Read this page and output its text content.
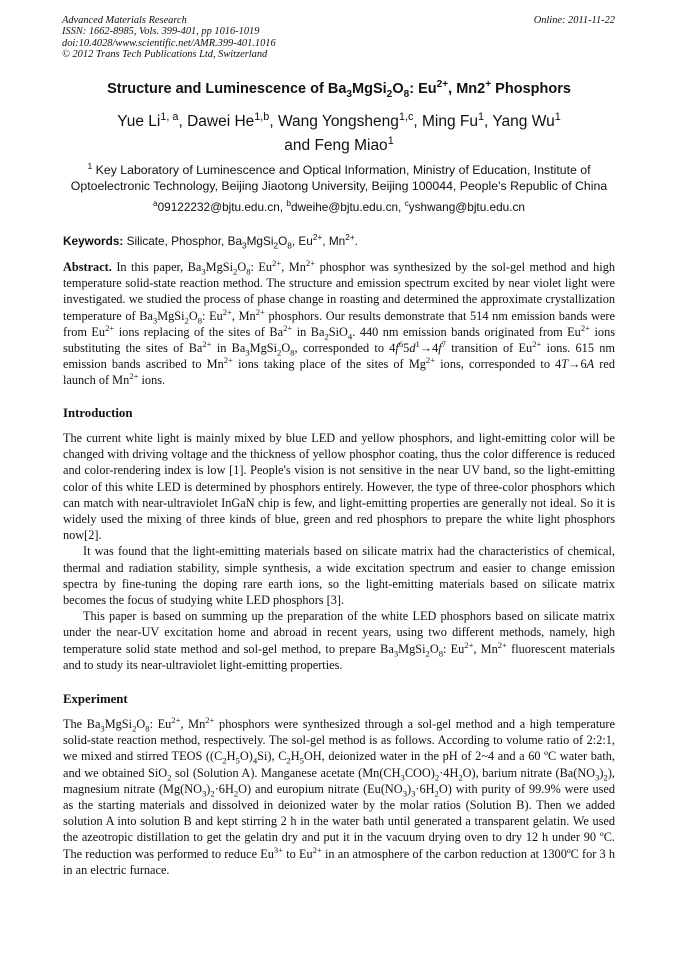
Advanced Materials Research
ISSN: 1662-8985, Vols. 399-401, pp 1016-1019
doi:10.4028/www.scientific.net/AMR.399-401.1016
© 2012 Trans Tech Publications Ltd, Switzerland
Online: 2011-11-22
Structure and Luminescence of $Ba_3MgSi_2O_8$: $Eu^{2+}$, Mn2+ Phosphors
Yue Li$^{1, a}$, Dawei He$^{1,b}$, Wang Yongsheng$^{1,c}$, Ming Fu$^1$, Yang Wu$^1$
and Feng Miao$^1$
$^1$ Key Laboratory of Luminescence and Optical Information, Ministry of Education, Institute of Optoelectronic Technology, Beijing Jiaotong University, Beijing 100044, People’s Republic of China
$^a$09122232@bjtu.edu.cn, $^b$dweihe@bjtu.edu.cn, $^c$yshwang@bjtu.edu.cn
Keywords: Silicate, Phosphor, $Ba_3MgSi_2O_8$, $Eu^{2+}$, $Mn^{2+}$.
Abstract. In this paper, $Ba_3MgSi_2O_8$: $Eu^{2+}$, $Mn^{2+}$ phosphor was synthesized by the sol-gel method and high temperature solid-state reaction method. The structure and emission spectrum excited by near violet light were investigated. we studied the process of phase change in roasting and determined the approximate crystallization temperature of $Ba_3MgSi_2O_8$: $Eu^{2+}$, $Mn^{2+}$ phosphors. Our results demonstrate that 514 nm emission bands were from $Eu^{2+}$ ions replacing of the sites of $Ba^{2+}$ in $Ba_2SiO_4$. 440 nm emission bands originated from $Eu^{2+}$ ions substituting the sites of $Ba^{2+}$ in $Ba_3MgSi_2O_8$, corresponded to $4f^65d^1\to 4f^7$ transition of $Eu^{2+}$ ions. 615 nm emission bands ascribed to $Mn^{2+}$ ions taking place of the sites of $Mg^{2+}$ ions, corresponded to 4T→6A red launch of $Mn^{2+}$ ions.
Introduction

The current white light is mainly mixed by blue LED and yellow phosphors, and light-emitting color will be changed with driving voltage and the thickness of yellow phosphor coating, thus the color difference is reduced and color-rendering index is low [1]. People's vision is not sensitive in the near UV band, so the light-emitting color of this white LED is determined by phosphors entirely. However, the type of three-color phosphors which can match with near-ultraviolet InGaN chip is few, and light-emitting properties are generally not ideal. So it is widely used the mixing of three kinds of blue, green and red phosphors to prepare the white light phosphors now[2].

It was found that the light-emitting materials based on silicate matrix had the characteristics of chemical, thermal and radiation stability, simple synthesis, a wide excitation spectrum and easier to change emission spectra by fine-tuning the doping rare earth ions, so the light-emitting materials based on silicate matrix becomes the focus of studying white LED phosphors [3].

This paper is based on summing up the preparation of the white LED phosphors based on silicate matrix under the near-UV excitation home and abroad in recent years, using two different methods, namely, high temperature solid state method and sol-gel method, to prepare $Ba_3MgSi_2O_8$: $Eu^{2+}$, $Mn^{2+}$ fluorescent materials and to study its near-ultraviolet light-emitting properties.

Experiment
The $Ba_3MgSi_2O_8$: $Eu^{2+}$, $Mn^{2+}$ phosphors were synthesized through a sol-gel method and a high temperature solid-state reaction method, respectively. The sol-gel method is as follows. According to volume ratio of 2:2:1, we mixed and stirred TEOS $((C_2H_5O)_4Si)$, $C_2H_5OH$, deionized water in the pH of 2~4 and a 60 ºC water bath, and we obtained SiO$_2$ sol (Solution A). Manganese acetate $(Mn(CH_3COO)_2\cdot 4H_2O)$, barium nitrate $(Ba(NO_3)_2)$, magnesium nitrate $(Mg(NO_3)_2\cdot 6H_2O)$ and europium nitrate $(Eu(NO_3)_3\cdot 6H_2O)$ with purity of 99.9% were used as the starting materials and dissolved in deionized water by the molar ratios (Solution B). Then we added solution A into solution B and kept stirring 2 h in the water bath until generated a transparent gelatin. We used the azeotropic distillation to get the gelatin dry and put it in the vacuum drying oven to dry 12 h under 90 ºC. The reduction was performed to reduce $Eu^{3+}$ to $Eu^{2+}$ in an atmosphere of the carbon reduction at 1300ºC for 3 h in an electric furnace.
